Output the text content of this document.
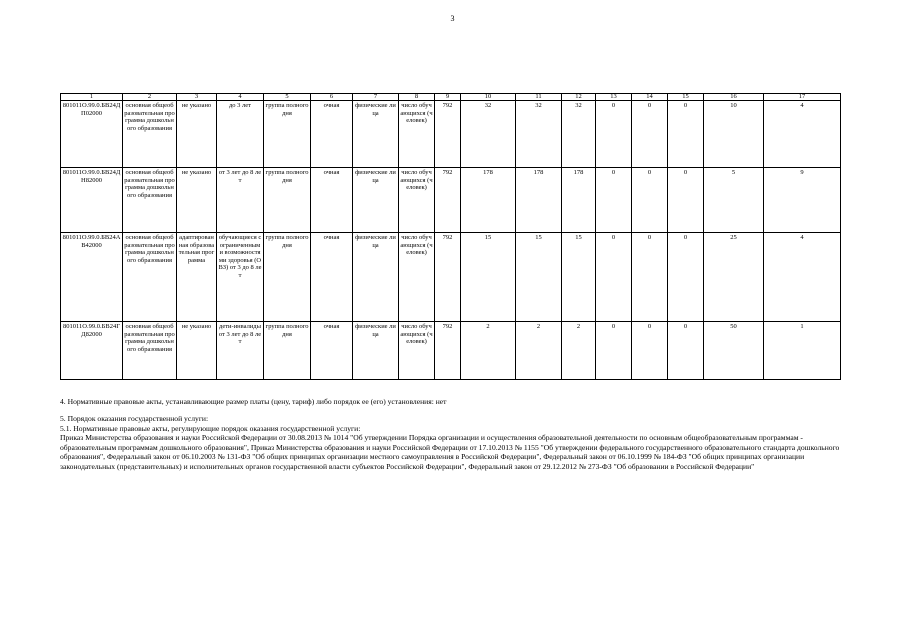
3
1	2	3	4	5	6	7	8	9	10	11	12	13	14	15	16	17
801011О.99.0.БВ24ДП02000	основная общеобразовательная программа дошкольного образования	не указано	до 3 лет	группа полного дня	очная	физические лица	число обучающихся (человек)	792	32	32	32	0	0	0	10	4
801011О.99.0.БВ24ДН82000	основная общеобразовательная программа дошкольного образования	не указано	от 3 лет до 8 лет	группа полного дня	очная	физические лица	число обучающихся (человек)	792	178	178	178	0	0	0	5	9
801011О.99.0.БВ24АВ42000	основная общеобразовательная программа дошкольного образования	адаптированная образовательная программа	обучающиеся с ограниченными возможностями здоровья (ОВЗ) от 3 до 8 лет	группа полного дня	очная	физические лица	число обучающихся (человек)	792	15	15	15	0	0	0	25	4
801011О.99.0.БВ24ГД82000	основная общеобразовательная программа дошкольного образования	не указано	дети-инвалиды от 3 лет до 8 лет	группа полного дня	очная	физические лица	число обучающихся (человек)	792	2	2	2	0	0	0	50	1

4. Нормативные правовые акты, устанавливающие размер платы (цену, тариф) либо порядок ее (его) установления: нет

5. Порядок оказания государственной услуги:

5.1. Нормативные правовые акты, регулирующие порядок оказания государственной услуги:

Приказ Министерства образования и науки Российской Федерации от 30.08.2013 № 1014 "Об утверждении Порядка организации и осуществления образовательной деятельности по основным общеобразовательным программам - образовательным программам дошкольного образования", Приказ Министерства образования и науки Российской Федерации от 17.10.2013 № 1155 "Об утверждении федерального государственного образовательного стандарта дошкольного образования", Федеральный закон от 06.10.2003 № 131-ФЗ "Об общих принципах организации местного самоуправления в Российской Федерации", Федеральный закон от 06.10.1999 № 184-ФЗ "Об общих принципах организации законодательных (представительных) и исполнительных органов государственной власти субъектов Российской Федерации", Федеральный закон от 29.12.2012 № 273-ФЗ "Об образовании в Российской Федерации"
